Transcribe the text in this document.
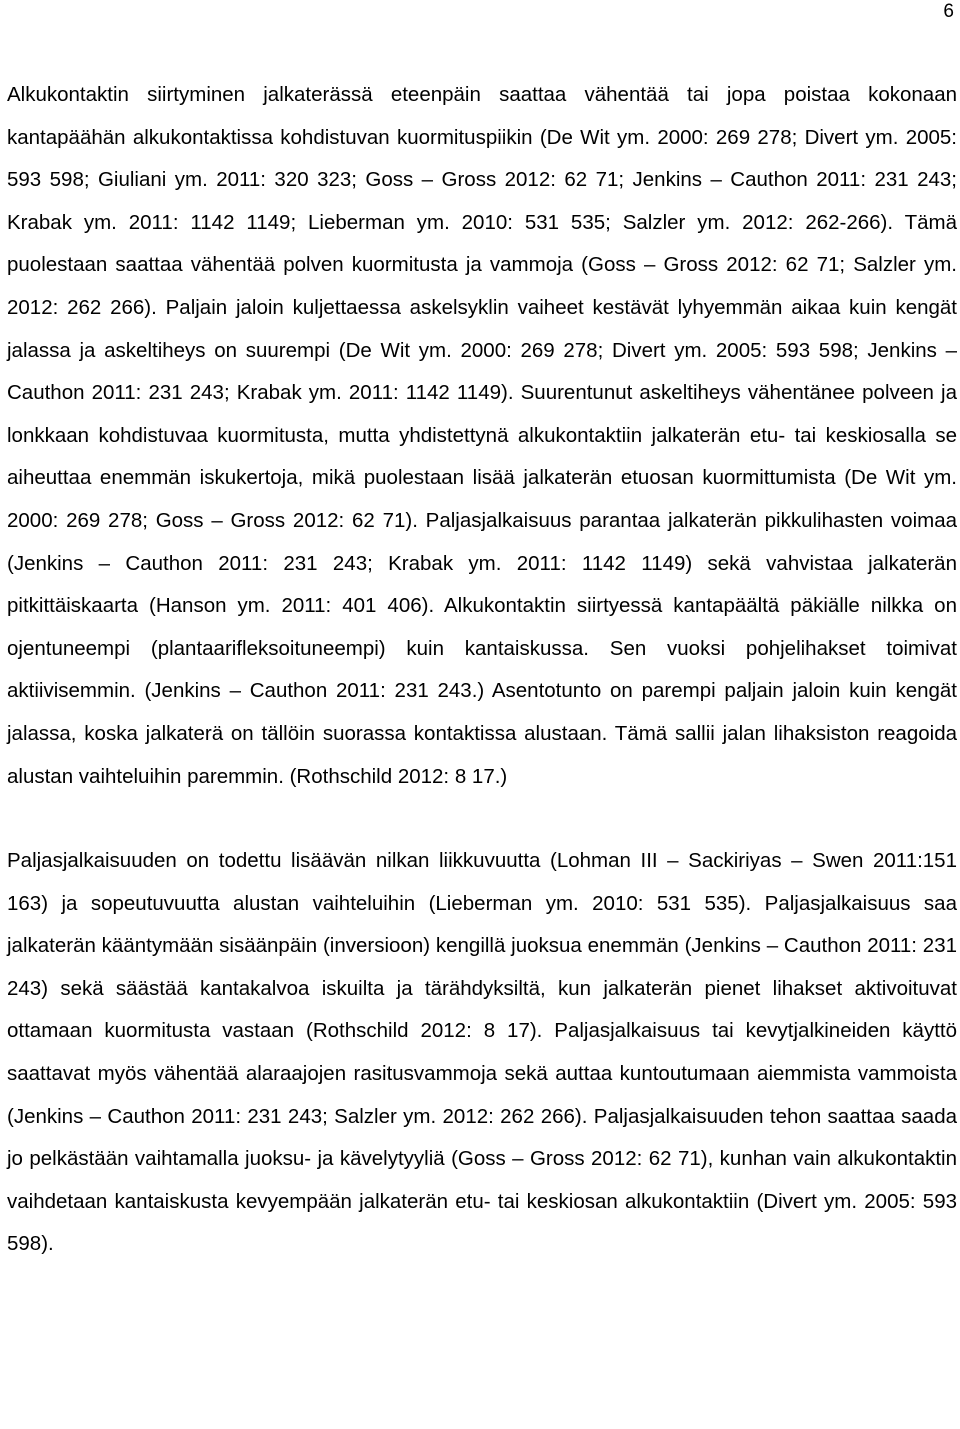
6

Alkukontaktin siirtyminen jalkaterässä eteenpäin saattaa vähentää tai jopa poistaa kokonaan kantapäähän alkukontaktissa kohdistuvan kuormituspiikin (De Wit ym. 2000: 269 278; Divert ym. 2005: 593 598; Giuliani ym. 2011: 320 323; Goss – Gross 2012: 62 71; Jenkins – Cauthon 2011: 231 243; Krabak ym. 2011: 1142 1149; Lieberman ym. 2010: 531 535; Salzler ym. 2012: 262-266). Tämä puolestaan saattaa vähentää polven kuormitusta ja vammoja (Goss – Gross 2012: 62 71; Salzler ym. 2012: 262 266). Paljain jaloin kuljettaessa askelsyklin vaiheet kestävät lyhyemmän aikaa kuin kengät jalassa ja askeltiheys on suurempi (De Wit ym. 2000: 269 278; Divert ym. 2005: 593 598; Jenkins – Cauthon 2011: 231 243; Krabak ym. 2011: 1142 1149). Suurentunut askeltiheys vähentänee polveen ja lonkkaan kohdistuvaa kuormitusta, mutta yhdistettynä alkukontaktiin jalkaterän etu- tai keskiosalla se aiheuttaa enemmän iskukertoja, mikä puolestaan lisää jalkaterän etuosan kuormittumista (De Wit ym. 2000: 269 278; Goss – Gross 2012: 62 71). Paljasjalkaisuus parantaa jalkaterän pikkulihasten voimaa (Jenkins – Cauthon 2011: 231 243; Krabak ym. 2011: 1142 1149) sekä vahvistaa jalkaterän pitkittäiskaarta (Hanson ym. 2011: 401 406). Alkukontaktin siirtyessä kantapäältä päkiälle nilkka on ojentuneempi (plantaarifleksoituneempi) kuin kantaiskussa. Sen vuoksi pohjelihakset toimivat aktiivisemmin. (Jenkins – Cauthon 2011: 231 243.) Asentotunto on parempi paljain jaloin kuin kengät jalassa, koska jalkaterä on tällöin suorassa kontaktissa alustaan. Tämä sallii jalan lihaksiston reagoida alustan vaihteluihin paremmin. (Rothschild 2012: 8 17.)

Paljasjalkaisuuden on todettu lisäävän nilkan liikkuvuutta (Lohman III – Sackiriyas – Swen 2011:151 163) ja sopeutuvuutta alustan vaihteluihin (Lieberman ym. 2010: 531 535). Paljasjalkaisuus saa jalkaterän kääntymään sisäänpäin (inversioon) kengillä juoksua enemmän (Jenkins – Cauthon 2011: 231 243) sekä säästää kantakalvoa iskuilta ja tärähdyksiltä, kun jalkaterän pienet lihakset aktivoituvat ottamaan kuormitusta vastaan (Rothschild 2012: 8 17). Paljasjalkaisuus tai kevytjalkineiden käyttö saattavat myös vähentää alaraajojen rasitusvammoja sekä auttaa kuntoutumaan aiemmista vammoista (Jenkins – Cauthon 2011: 231 243; Salzler ym. 2012: 262 266). Paljasjalkaisuuden tehon saattaa saada jo pelkästään vaihtamalla juoksu- ja kävelytyyliä (Goss – Gross 2012: 62 71), kunhan vain alkukontaktin vaihdetaan kantaiskusta kevyempään jalkaterän etu- tai keskiosan alkukontaktiin (Divert ym. 2005: 593 598).
